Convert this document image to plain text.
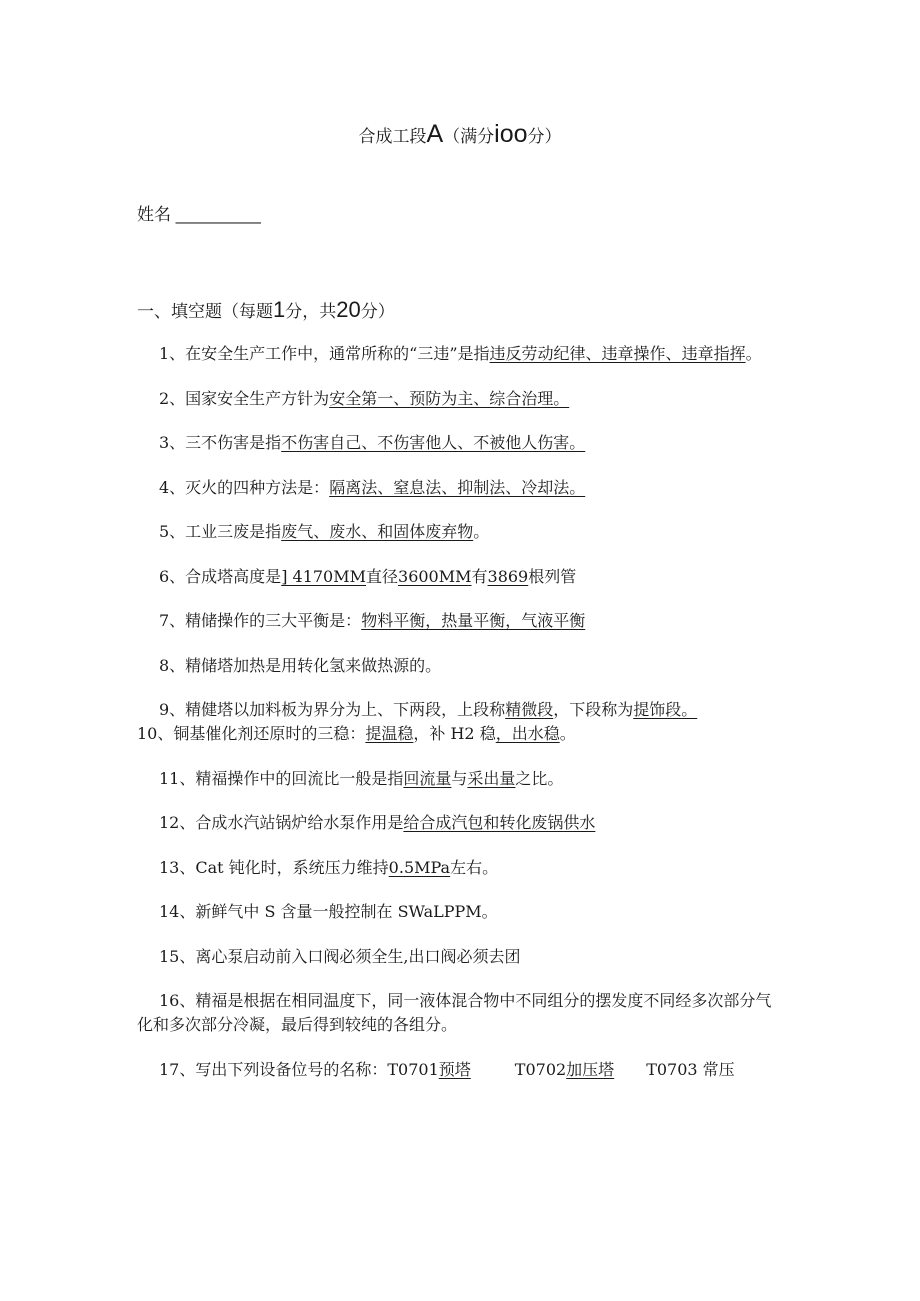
合成工段A（满分ioo分）
姓名 _________
一、填空题（每题1分，共20分）

1、在安全生产工作中，通常所称的“三违”是指违反劳动纪律、违章操作、违章指挥。

2、国家安全生产方针为安全第一、预防为主、综合治理。

3、三不伤害是指不伤害自己、不伤害他人、不被他人伤害。

4、灭火的四种方法是：隔离法、窒息法、抑制法、冷却法。

5、工业三废是指废气、废水、和固体废弃物。

6、合成塔高度是] 4170MM直径3600MM有3869根列管

7、精储操作的三大平衡是：物料平衡，热量平衡，气液平衡

8、精储塔加热是用转化氢来做热源的。

9、精健塔以加料板为界分为上、下两段，上段称精微段，下段称为提饰段。

10、铜基催化剂还原时的三稳：提温稳，补 H2 稳，出水稳。

11、精福操作中的回流比一般是指回流量与采出量之比。

12、合成水汽站锅炉给水泵作用是给合成汽包和转化废锅供水

13、Cat 钝化时，系统压力维持0.5MPa左右。

14、新鲜气中 S 含量一般控制在 SWaLPPM。

15、离心泵启动前入口阀必须全生,出口阀必须去团

16、精福是根据在相同温度下，同一液体混合物中不同组分的摆发度不同经多次部分气化和多次部分冷凝，最后得到较纯的各组分。

17、写出下列设备位号的名称：T0701预塔	T0702加压塔 T0703 常压
